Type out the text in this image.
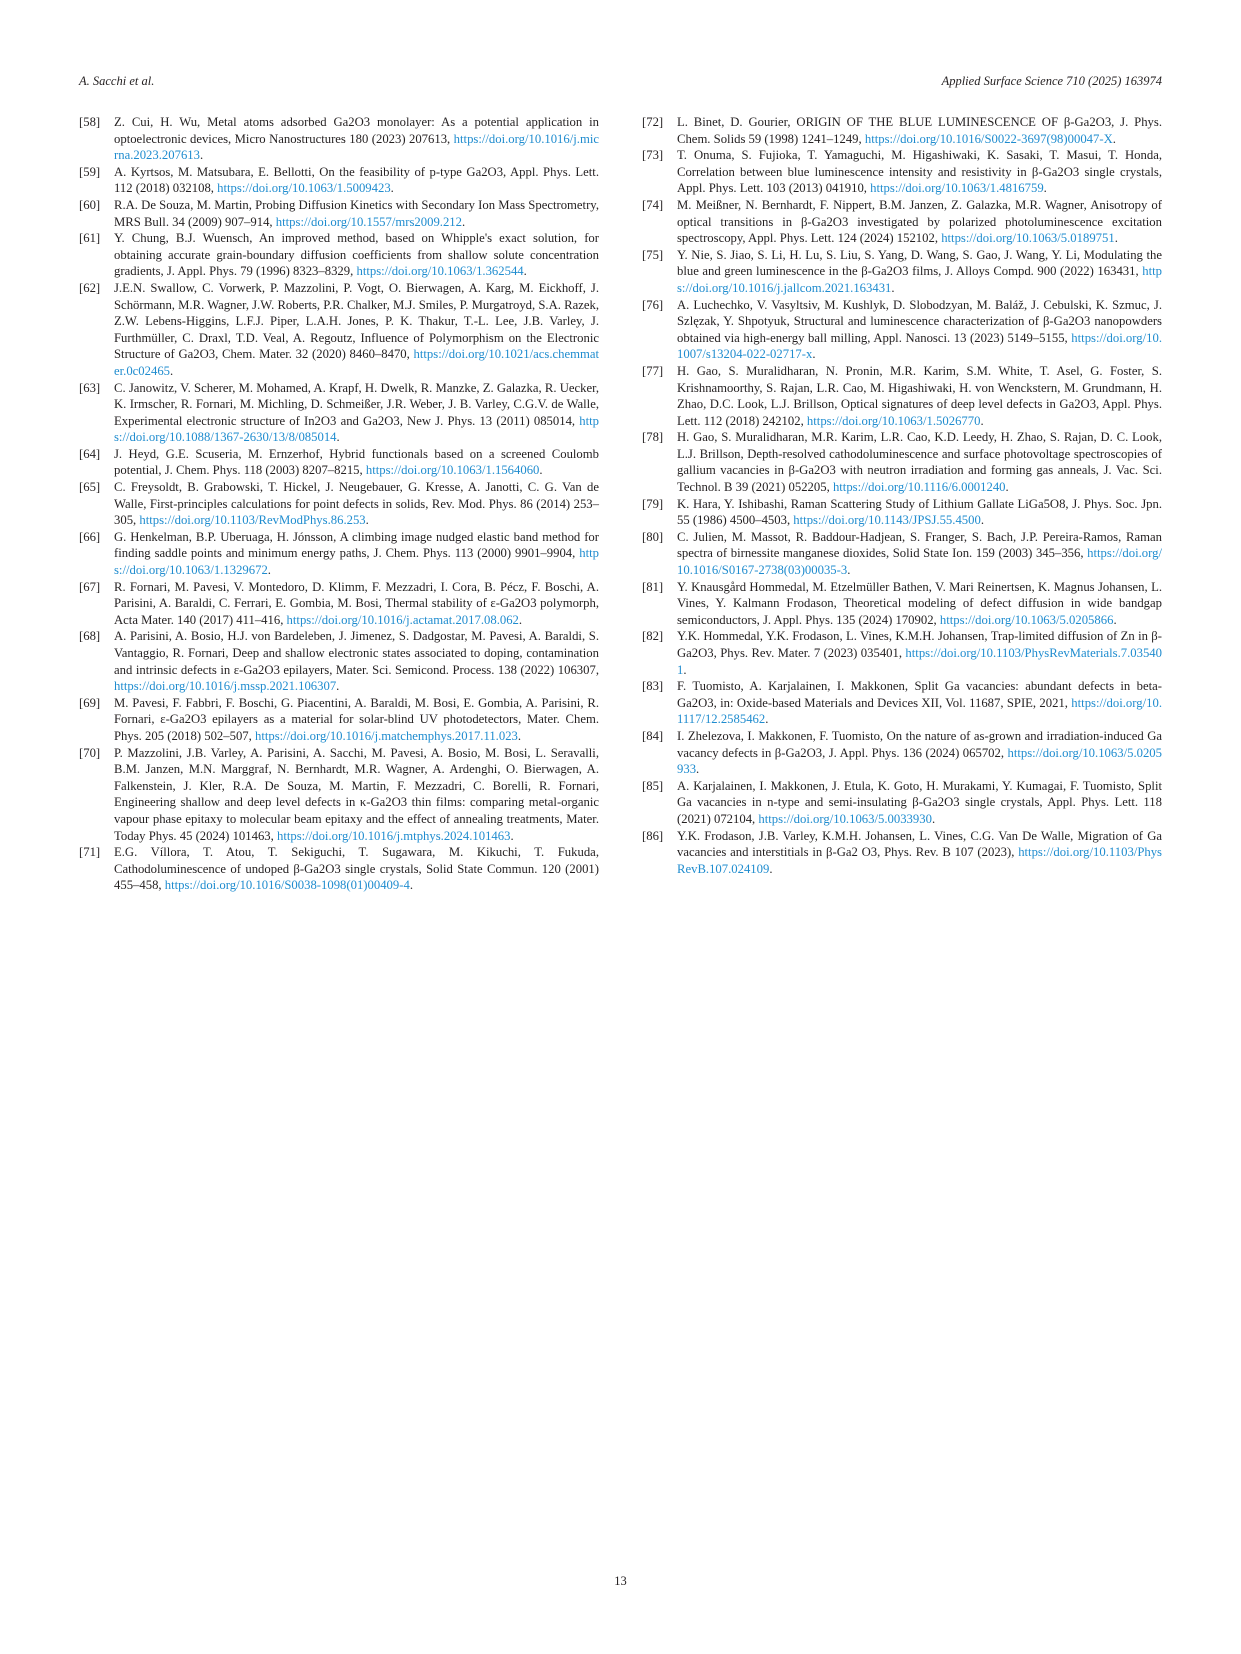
A. Sacchi et al.	Applied Surface Science 710 (2025) 163974
[58] Z. Cui, H. Wu, Metal atoms adsorbed Ga2O3 monolayer: As a potential application in optoelectronic devices, Micro Nanostructures 180 (2023) 207613, https://doi.org/10.1016/j.micrna.2023.207613.
[59] A. Kyrtsos, M. Matsubara, E. Bellotti, On the feasibility of p-type Ga2O3, Appl. Phys. Lett. 112 (2018) 032108, https://doi.org/10.1063/1.5009423.
[60] R.A. De Souza, M. Martin, Probing Diffusion Kinetics with Secondary Ion Mass Spectrometry, MRS Bull. 34 (2009) 907–914, https://doi.org/10.1557/mrs2009.212.
[61] Y. Chung, B.J. Wuensch, An improved method, based on Whipple's exact solution, for obtaining accurate grain-boundary diffusion coefficients from shallow solute concentration gradients, J. Appl. Phys. 79 (1996) 8323–8329, https://doi.org/10.1063/1.362544.
[62] J.E.N. Swallow, C. Vorwerk, P. Mazzolini, P. Vogt, O. Bierwagen, A. Karg, M. Eickhoff, J. Schörmann, M.R. Wagner, J.W. Roberts, P.R. Chalker, M.J. Smiles, P. Murgatroyd, S.A. Razek, Z.W. Lebens-Higgins, L.F.J. Piper, L.A.H. Jones, P. K. Thakur, T.-L. Lee, J.B. Varley, J. Furthmüller, C. Draxl, T.D. Veal, A. Regoutz, Influence of Polymorphism on the Electronic Structure of Ga2O3, Chem. Mater. 32 (2020) 8460–8470, https://doi.org/10.1021/acs.chemmater.0c02465.
[63] C. Janowitz, V. Scherer, M. Mohamed, A. Krapf, H. Dwelk, R. Manzke, Z. Galazka, R. Uecker, K. Irmscher, R. Fornari, M. Michling, D. Schmeißer, J.R. Weber, J. B. Varley, C.G.V. de Walle, Experimental electronic structure of In2O3 and Ga2O3, New J. Phys. 13 (2011) 085014, https://doi.org/10.1088/1367-2630/13/8/085014.
[64] J. Heyd, G.E. Scuseria, M. Ernzerhof, Hybrid functionals based on a screened Coulomb potential, J. Chem. Phys. 118 (2003) 8207–8215, https://doi.org/10.1063/1.1564060.
[65] C. Freysoldt, B. Grabowski, T. Hickel, J. Neugebauer, G. Kresse, A. Janotti, C. G. Van de Walle, First-principles calculations for point defects in solids, Rev. Mod. Phys. 86 (2014) 253–305, https://doi.org/10.1103/RevModPhys.86.253.
[66] G. Henkelman, B.P. Uberuaga, H. Jónsson, A climbing image nudged elastic band method for finding saddle points and minimum energy paths, J. Chem. Phys. 113 (2000) 9901–9904, https://doi.org/10.1063/1.1329672.
[67] R. Fornari, M. Pavesi, V. Montedoro, D. Klimm, F. Mezzadri, I. Cora, B. Pécz, F. Boschi, A. Parisini, A. Baraldi, C. Ferrari, E. Gombia, M. Bosi, Thermal stability of ε-Ga2O3 polymorph, Acta Mater. 140 (2017) 411–416, https://doi.org/10.1016/j.actamat.2017.08.062.
[68] A. Parisini, A. Bosio, H.J. von Bardeleben, J. Jimenez, S. Dadgostar, M. Pavesi, A. Baraldi, S. Vantaggio, R. Fornari, Deep and shallow electronic states associated to doping, contamination and intrinsic defects in ε-Ga2O3 epilayers, Mater. Sci. Semicond. Process. 138 (2022) 106307, https://doi.org/10.1016/j.mssp.2021.106307.
[69] M. Pavesi, F. Fabbri, F. Boschi, G. Piacentini, A. Baraldi, M. Bosi, E. Gombia, A. Parisini, R. Fornari, ε-Ga2O3 epilayers as a material for solar-blind UV photodetectors, Mater. Chem. Phys. 205 (2018) 502–507, https://doi.org/10.1016/j.matchemphys.2017.11.023.
[70] P. Mazzolini, J.B. Varley, A. Parisini, A. Sacchi, M. Pavesi, A. Bosio, M. Bosi, L. Seravalli, B.M. Janzen, M.N. Marggraf, N. Bernhardt, M.R. Wagner, A. Ardenghi, O. Bierwagen, A. Falkenstein, J. Kler, R.A. De Souza, M. Martin, F. Mezzadri, C. Borelli, R. Fornari, Engineering shallow and deep level defects in κ-Ga2O3 thin films: comparing metal-organic vapour phase epitaxy to molecular beam epitaxy and the effect of annealing treatments, Mater. Today Phys. 45 (2024) 101463, https://doi.org/10.1016/j.mtphys.2024.101463.
[71] E.G. Víllora, T. Atou, T. Sekiguchi, T. Sugawara, M. Kikuchi, T. Fukuda, Cathodoluminescence of undoped β-Ga2O3 single crystals, Solid State Commun. 120 (2001) 455–458, https://doi.org/10.1016/S0038-1098(01)00409-4.
[72] L. Binet, D. Gourier, ORIGIN OF THE BLUE LUMINESCENCE OF β-Ga2O3, J. Phys. Chem. Solids 59 (1998) 1241–1249, https://doi.org/10.1016/S0022-3697(98)00047-X.
[73] T. Onuma, S. Fujioka, T. Yamaguchi, M. Higashiwaki, K. Sasaki, T. Masui, T. Honda, Correlation between blue luminescence intensity and resistivity in β-Ga2O3 single crystals, Appl. Phys. Lett. 103 (2013) 041910, https://doi.org/10.1063/1.4816759.
[74] M. Meißner, N. Bernhardt, F. Nippert, B.M. Janzen, Z. Galazka, M.R. Wagner, Anisotropy of optical transitions in β-Ga2O3 investigated by polarized photoluminescence excitation spectroscopy, Appl. Phys. Lett. 124 (2024) 152102, https://doi.org/10.1063/5.0189751.
[75] Y. Nie, S. Jiao, S. Li, H. Lu, S. Liu, S. Yang, D. Wang, S. Gao, J. Wang, Y. Li, Modulating the blue and green luminescence in the β-Ga2O3 films, J. Alloys Compd. 900 (2022) 163431, https://doi.org/10.1016/j.jallcom.2021.163431.
[76] A. Luchechko, V. Vasyltsiv, M. Kushlyk, D. Slobodzyan, M. Baláž, J. Cebulski, K. Szmuc, J. Szlęzak, Y. Shpotyuk, Structural and luminescence characterization of β-Ga2O3 nanopowders obtained via high-energy ball milling, Appl. Nanosci. 13 (2023) 5149–5155, https://doi.org/10.1007/s13204-022-02717-x.
[77] H. Gao, S. Muralidharan, N. Pronin, M.R. Karim, S.M. White, T. Asel, G. Foster, S. Krishnamoorthy, S. Rajan, L.R. Cao, M. Higashiwaki, H. von Wenckstern, M. Grundmann, H. Zhao, D.C. Look, L.J. Brillson, Optical signatures of deep level defects in Ga2O3, Appl. Phys. Lett. 112 (2018) 242102, https://doi.org/10.1063/1.5026770.
[78] H. Gao, S. Muralidharan, M.R. Karim, L.R. Cao, K.D. Leedy, H. Zhao, S. Rajan, D. C. Look, L.J. Brillson, Depth-resolved cathodoluminescence and surface photovoltage spectroscopies of gallium vacancies in β-Ga2O3 with neutron irradiation and forming gas anneals, J. Vac. Sci. Technol. B 39 (2021) 052205, https://doi.org/10.1116/6.0001240.
[79] K. Hara, Y. Ishibashi, Raman Scattering Study of Lithium Gallate LiGa5O8, J. Phys. Soc. Jpn. 55 (1986) 4500–4503, https://doi.org/10.1143/JPSJ.55.4500.
[80] C. Julien, M. Massot, R. Baddour-Hadjean, S. Franger, S. Bach, J.P. Pereira-Ramos, Raman spectra of birnessite manganese dioxides, Solid State Ion. 159 (2003) 345–356, https://doi.org/10.1016/S0167-2738(03)00035-3.
[81] Y. Knausgård Hommedal, M. Etzelmüller Bathen, V. Mari Reinertsen, K. Magnus Johansen, L. Vines, Y. Kalmann Frodason, Theoretical modeling of defect diffusion in wide bandgap semiconductors, J. Appl. Phys. 135 (2024) 170902, https://doi.org/10.1063/5.0205866.
[82] Y.K. Hommedal, Y.K. Frodason, L. Vines, K.M.H. Johansen, Trap-limited diffusion of Zn in β-Ga2O3, Phys. Rev. Mater. 7 (2023) 035401, https://doi.org/10.1103/PhysRevMaterials.7.035401.
[83] F. Tuomisto, A. Karjalainen, I. Makkonen, Split Ga vacancies: abundant defects in beta-Ga2O3, in: Oxide-based Materials and Devices XII, Vol. 11687, SPIE, 2021, https://doi.org/10.1117/12.2585462.
[84] I. Zhelezova, I. Makkonen, F. Tuomisto, On the nature of as-grown and irradiation-induced Ga vacancy defects in β-Ga2O3, J. Appl. Phys. 136 (2024) 065702, https://doi.org/10.1063/5.0205933.
[85] A. Karjalainen, I. Makkonen, J. Etula, K. Goto, H. Murakami, Y. Kumagai, F. Tuomisto, Split Ga vacancies in n-type and semi-insulating β-Ga2O3 single crystals, Appl. Phys. Lett. 118 (2021) 072104, https://doi.org/10.1063/5.0033930.
[86] Y.K. Frodason, J.B. Varley, K.M.H. Johansen, L. Vines, C.G. Van De Walle, Migration of Ga vacancies and interstitials in β-Ga2 O3, Phys. Rev. B 107 (2023), https://doi.org/10.1103/PhysRevB.107.024109.
13
